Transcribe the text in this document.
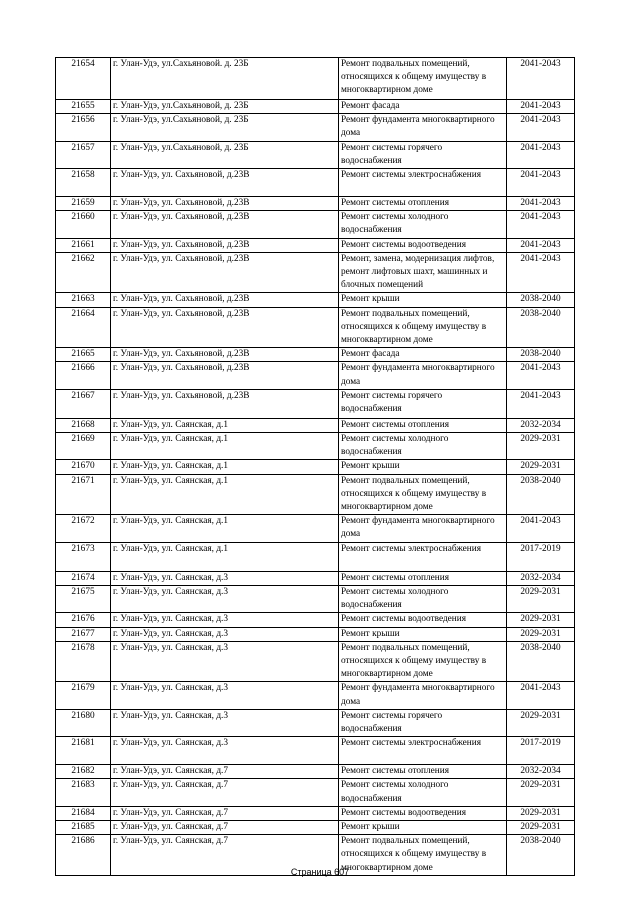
21654	г. Улан-Удэ, ул.Сахьяновой. д. 23Б	Ремонт подвальных помещений, относящихся к общему имуществу в многоквартирном доме	2041-2043
21655	г. Улан-Удэ, ул.Сахьяновой, д. 23Б	Ремонт фасада	2041-2043
21656	г. Улан-Удэ, ул.Сахьяновой, д. 23Б	Ремонт фундамента многоквартирного дома	2041-2043
21657	г. Улан-Удэ, ул.Сахьяновой, д. 23Б	Ремонт системы горячего водоснабжения	2041-2043
21658	г. Улан-Удэ, ул. Сахьяновой, д.23В	Ремонт системы электроснабжения	2041-2043
21659	г. Улан-Удэ, ул. Сахьяновой, д.23В	Ремонт системы отопления	2041-2043
21660	г. Улан-Удэ, ул. Сахьяновой, д.23В	Ремонт системы холодного водоснабжения	2041-2043
21661	г. Улан-Удэ, ул. Сахьяновой, д.23В	Ремонт системы водоотведения	2041-2043
21662	г. Улан-Удэ, ул. Сахьяновой, д.23В	Ремонт, замена, модернизация лифтов, ремонт лифтовых шахт, машинных и блочных помещений	2041-2043
21663	г. Улан-Удэ, ул. Сахьяновой, д.23В	Ремонт крыши	2038-2040
21664	г. Улан-Удэ, ул. Сахьяновой, д.23В	Ремонт подвальных помещений, относящихся к общему имуществу в многоквартирном доме	2038-2040
21665	г. Улан-Удэ, ул. Сахьяновой, д.23В	Ремонт фасада	2038-2040
21666	г. Улан-Удэ, ул. Сахьяновой, д.23В	Ремонт фундамента многоквартирного дома	2041-2043
21667	г. Улан-Удэ, ул. Сахьяновой, д.23В	Ремонт системы горячего водоснабжения	2041-2043
21668	г. Улан-Удэ, ул. Саянская, д.1	Ремонт системы отопления	2032-2034
21669	г. Улан-Удэ, ул. Саянская, д.1	Ремонт системы холодного водоснабжения	2029-2031
21670	г. Улан-Удэ, ул. Саянская, д.1	Ремонт крыши	2029-2031
21671	г. Улан-Удэ, ул. Саянская, д.1	Ремонт подвальных помещений, относящихся к общему имуществу в многоквартирном доме	2038-2040
21672	г. Улан-Удэ, ул. Саянская, д.1	Ремонт фундамента многоквартирного дома	2041-2043
21673	г. Улан-Удэ, ул. Саянская, д.1	Ремонт системы электроснабжения	2017-2019
21674	г. Улан-Удэ, ул. Саянская, д.3	Ремонт системы отопления	2032-2034
21675	г. Улан-Удэ, ул. Саянская, д.3	Ремонт системы холодного водоснабжения	2029-2031
21676	г. Улан-Удэ, ул. Саянская, д.3	Ремонт системы водоотведения	2029-2031
21677	г. Улан-Удэ, ул. Саянская, д.3	Ремонт крыши	2029-2031
21678	г. Улан-Удэ, ул. Саянская, д.3	Ремонт подвальных помещений, относящихся к общему имуществу в многоквартирном доме	2038-2040
21679	г. Улан-Удэ, ул. Саянская, д.3	Ремонт фундамента многоквартирного дома	2041-2043
21680	г. Улан-Удэ, ул. Саянская, д.3	Ремонт системы горячего водоснабжения	2029-2031
21681	г. Улан-Удэ, ул. Саянская, д.3	Ремонт системы электроснабжения	2017-2019
21682	г. Улан-Удэ, ул. Саянская, д.7	Ремонт системы отопления	2032-2034
21683	г. Улан-Удэ, ул. Саянская, д.7	Ремонт системы холодного водоснабжения	2029-2031
21684	г. Улан-Удэ, ул. Саянская, д.7	Ремонт системы водоотведения	2029-2031
21685	г. Улан-Удэ, ул. Саянская, д.7	Ремонт крыши	2029-2031
21686	г. Улан-Удэ, ул. Саянская, д.7	Ремонт подвальных помещений, относящихся к общему имуществу в многоквартирном доме	2038-2040
Страница 607
